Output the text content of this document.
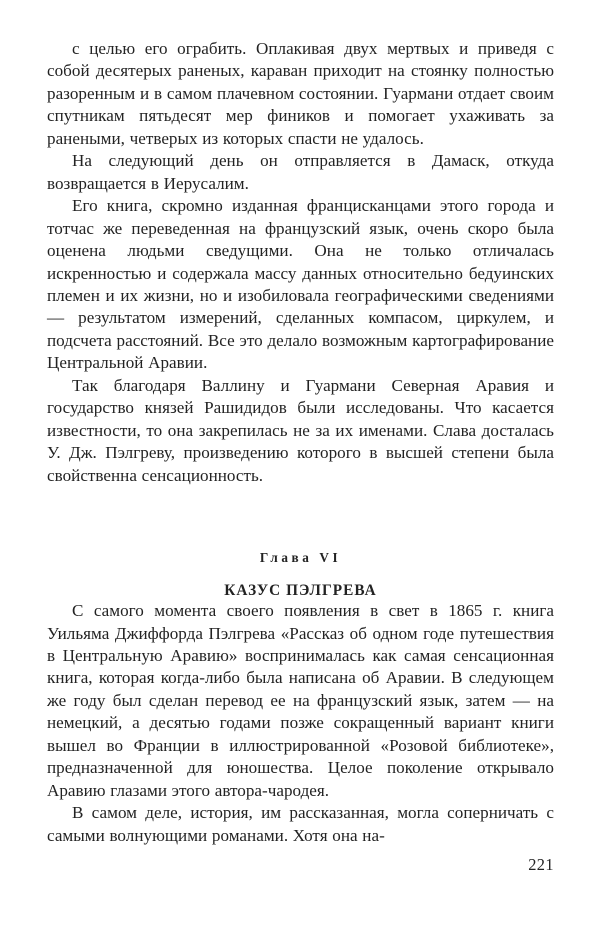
с целью его ограбить. Оплакивая двух мертвых и приведя с собой десятерых раненых, караван приходит на стоянку полностью разоренным и в самом плачевном состоянии. Гуармани отдает своим спутникам пятьдесят мер фиников и помогает ухаживать за ранеными, четверых из которых спасти не удалось.

На следующий день он отправляется в Дамаск, откуда возвращается в Иерусалим.

Его книга, скромно изданная францисканцами этого города и тотчас же переведенная на французский язык, очень скоро была оценена людьми сведущими. Она не только отличалась искренностью и содержала массу данных относительно бедуинских племен и их жизни, но и изобиловала географическими сведениями — результатом измерений, сделанных компасом, циркулем, и подсчета расстояний. Все это делало возможным картографирование Центральной Аравии.

Так благодаря Валлину и Гуармани Северная Аравия и государство князей Рашидидов были исследованы. Что касается известности, то она закрепилась не за их именами. Слава досталась У. Дж. Пэлгреву, произведению которого в высшей степени была свойственна сенсационность.

Глава VI

КАЗУС ПЭЛГРЕВА

С самого момента своего появления в свет в 1865 г. книга Уильяма Джиффорда Пэлгрева «Рассказ об одном годе путешествия в Центральную Аравию» воспринималась как самая сенсационная книга, которая когда-либо была написана об Аравии. В следующем же году был сделан перевод ее на французский язык, затем — на немецкий, а десятью годами позже сокращенный вариант книги вышел во Франции в иллюстрированной «Розовой библиотеке», предназначенной для юношества. Целое поколение открывало Аравию глазами этого автора-чародея.

В самом деле, история, им рассказанная, могла соперничать с самыми волнующими романами. Хотя она на-

221
